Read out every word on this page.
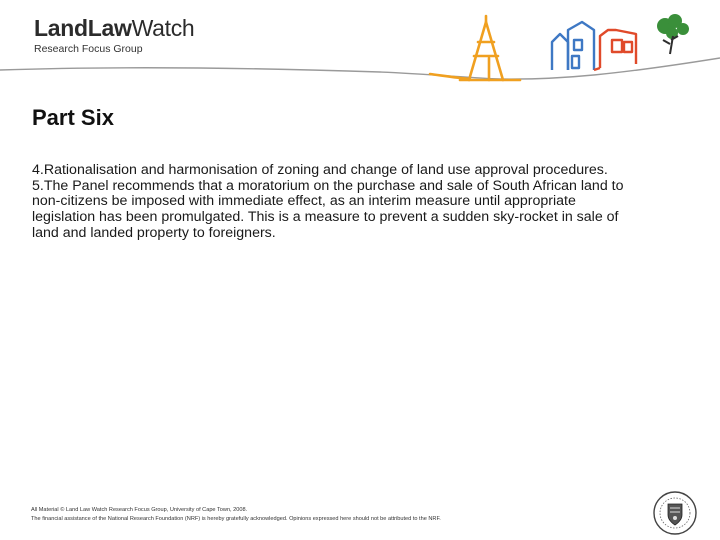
LandLawWatch
Research Focus Group
Part Six

4.Rationalisation and harmonisation of zoning and change of land use approval procedures.

5.The Panel recommends that a moratorium on the purchase and sale of South African land to non-citizens be imposed with immediate effect, as an interim measure until appropriate legislation has been promulgated. This is a measure to prevent a sudden sky-rocket in sale of land and landed property to foreigners.

All Material © Land Law Watch Research Focus Group, University of Cape Town, 2008.

The financial assistance of the National Research Foundation (NRF) is hereby gratefully acknowledged. Opinions expressed here should not be attributed to the NRF.
